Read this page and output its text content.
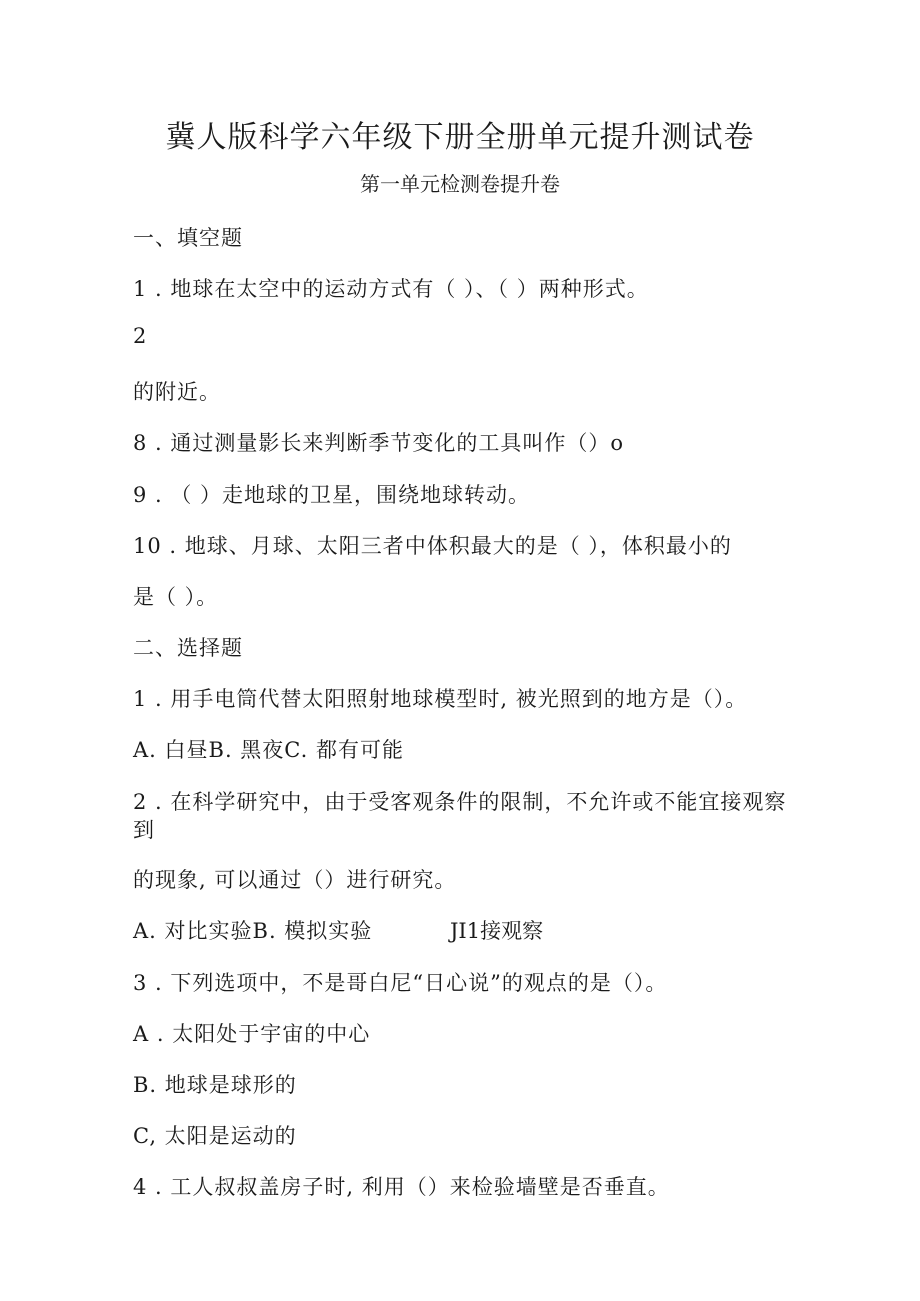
冀人版科学六年级下册全册单元提升测试卷
第一单元检测卷提升卷
一、填空题
1 . 地球在太空中的运动方式有（ ）、（ ）两种形式。
2
的附近。
8 . 通过测量影长来判断季节变化的工具叫作（）o
9 . （ ）走地球的卫星，围绕地球转动。
10 . 地球、月球、太阳三者中体积最大的是（ ），体积最小的
是（ ）。
二、选择题
1 . 用手电筒代替太阳照射地球模型时, 被光照到的地方是（）。
A. 白昼B. 黑夜C. 都有可能
2 . 在科学研究中，由于受客观条件的限制，不允许或不能宜接观察
到
的现象, 可以通过（）进行研究。
A. 对比实验B. 模拟实验	JI1接观察
3 . 下列选项中，不是哥白尼“日心说”的观点的是（）。
A . 太阳处于宇宙的中心
B. 地球是球形的
C, 太阳是运动的
4 . 工人叔叔盖房子时, 利用（）来检验墙壁是否垂直。
